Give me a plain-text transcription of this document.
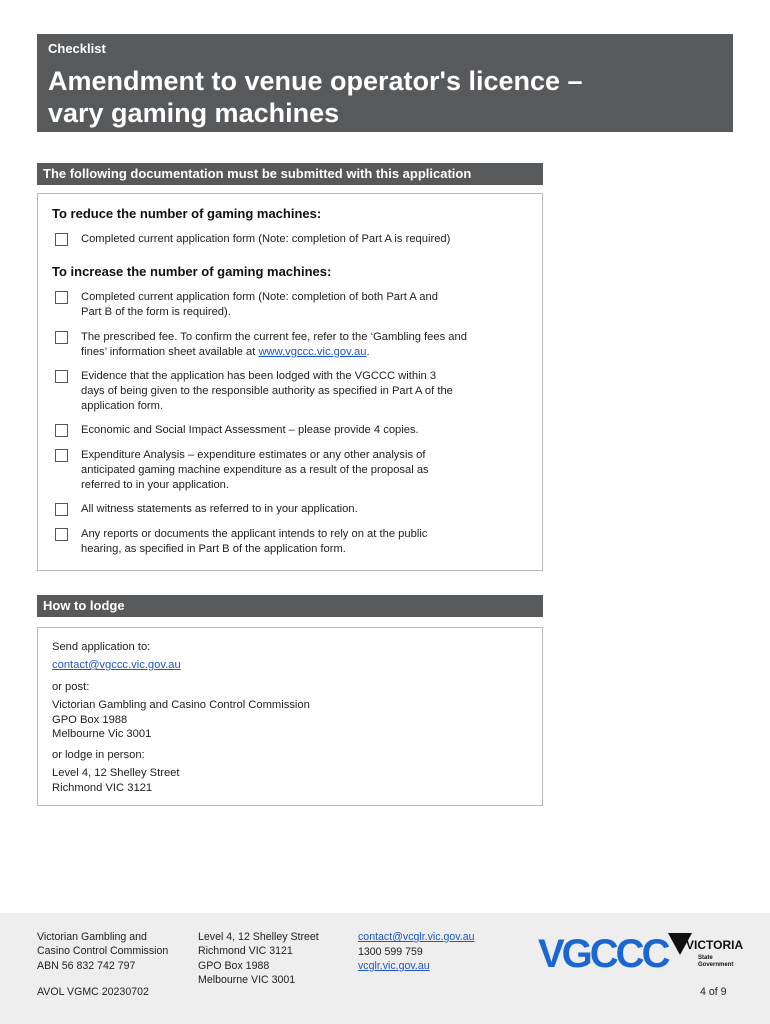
Checklist
Amendment to venue operator's licence –
vary gaming machines
The following documentation must be submitted with this application
To reduce the number of gaming machines:
Completed current application form (Note: completion of Part A is required)
To increase the number of gaming machines:
Completed current application form (Note: completion of both Part A and
Part B of the form is required).
The prescribed fee. To confirm the current fee, refer to the ‘Gambling fees and
fines’ information sheet available at www.vgccc.vic.gov.au.
Evidence that the application has been lodged with the VGCCC within 3
days of being given to the responsible authority as specified in Part A of the
application form.
Economic and Social Impact Assessment – please provide 4 copies.
Expenditure Analysis – expenditure estimates or any other analysis of
anticipated gaming machine expenditure as a result of the proposal as
referred to in your application.
All witness statements as referred to in your application.
Any reports or documents the applicant intends to rely on at the public
hearing, as specified in Part B of the application form.
How to lodge
Send application to:
contact@vgccc.vic.gov.au
or post:
Victorian Gambling and Casino Control Commission
GPO Box 1988
Melbourne Vic 3001
or lodge in person:
Level 4, 12 Shelley Street
Richmond VIC 3121
Victorian Gambling and
Casino Control Commission
ABN 56 832 742 797
Level 4, 12 Shelley Street
Richmond VIC 3121
GPO Box 1988
Melbourne VIC 3001
contact@vcglr.vic.gov.au
1300 599 759
vcglr.vic.gov.au
AVOL VGMC 20230702	4 of 9
VGCCC VICTORIA
State
Government
